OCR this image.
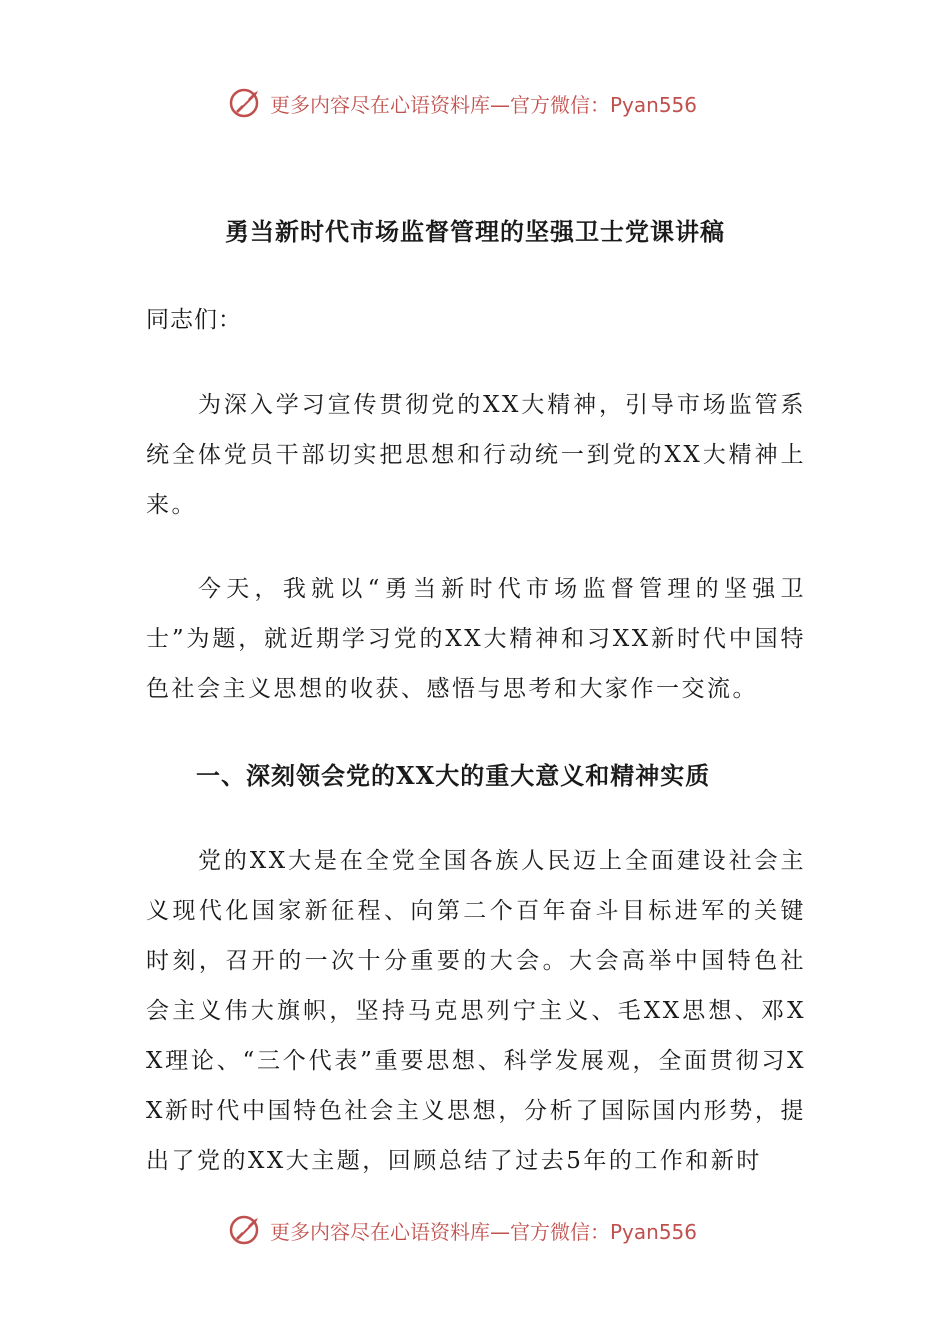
更多内容尽在心语资料库—官方微信：Pyan556
勇当新时代市场监督管理的坚强卫士党课讲稿
同志们：
为深入学习宣传贯彻党的XX大精神，引导市场监管系统全体党员干部切实把思想和行动统一到党的XX大精神上来。
今天，我就以“勇当新时代市场监督管理的坚强卫士”为题，就近期学习党的XX大精神和习XX新时代中国特色社会主义思想的收获、感悟与思考和大家作一交流。
一、深刻领会党的XX大的重大意义和精神实质
党的XX大是在全党全国各族人民迈上全面建设社会主义现代化国家新征程、向第二个百年奋斗目标进军的关键时刻，召开的一次十分重要的大会。大会高举中国特色社会主义伟大旗帜，坚持马克思列宁主义、毛XX思想、邓XX理论、“三个代表”重要思想、科学发展观，全面贯彻习XX新时代中国特色社会主义思想，分析了国际国内形势，提出了党的XX大主题，回顾总结了过去5年的工作和新时
更多内容尽在心语资料库—官方微信：Pyan556
